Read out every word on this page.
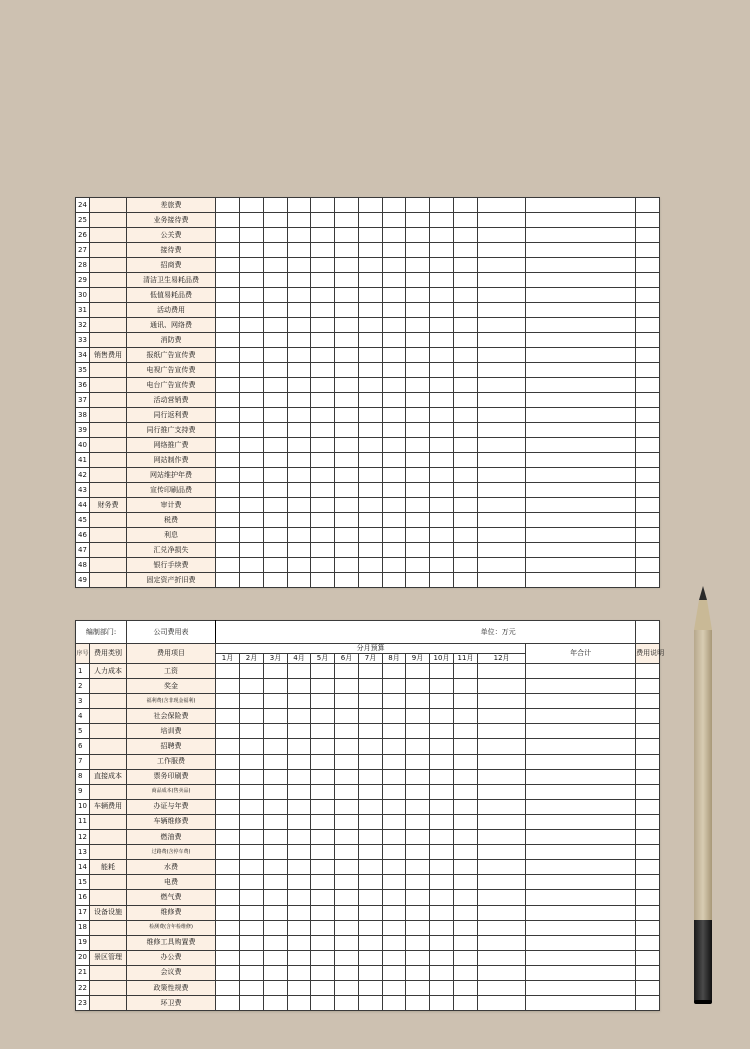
24		差旅费														
25		业务接待费														
26		公关费														
27		接待费														
28		招商费														
29		清洁卫生易耗品费														
30		低值易耗品费														
31		活动费用														
32		通讯、网络费														
33		消防费														
34	销售费用	报纸广告宣传费														
35		电视广告宣传费														
36		电台广告宣传费														
37		活动营销费														
38		同行返利费														
39		同行推广支持费														
40		网络推广费														
41		网站制作费														
42		网站维护年费														
43		宣传印刷品费														
44	财务费	审计费														
45		税费														
46		利息														
47		汇兑净损失														
48		银行手续费														
49		固定资产折旧费														
编制部门:		公司费用表	单位：万元													
序号	费用类别	费用项目	分月预算												年合计	费用说明
			1月	2月	3月	4月	5月	6月	7月	8月	9月	10月	11月	12月		
1	人力成本	工资														
2		奖金														
3		福利费(含非现金福利)														
4		社会保险费														
5		培训费														
6		招聘费														
7		工作服费														
8	直接成本	票务印刷费														
9		商品成本(售卖品)														
10	车辆费用	办证与年费														
11		车辆维修费														
12		燃油费														
13		过路费(含停车费)														
14	能耗	水费														
15		电费														
16		燃气费														
17	设备设施	维修费														
18		检测费(含年检维修)														
19		维修工具购置费														
20	景区管理	办公费														
21		会议费														
22		政策性规费														
23		环卫费														
